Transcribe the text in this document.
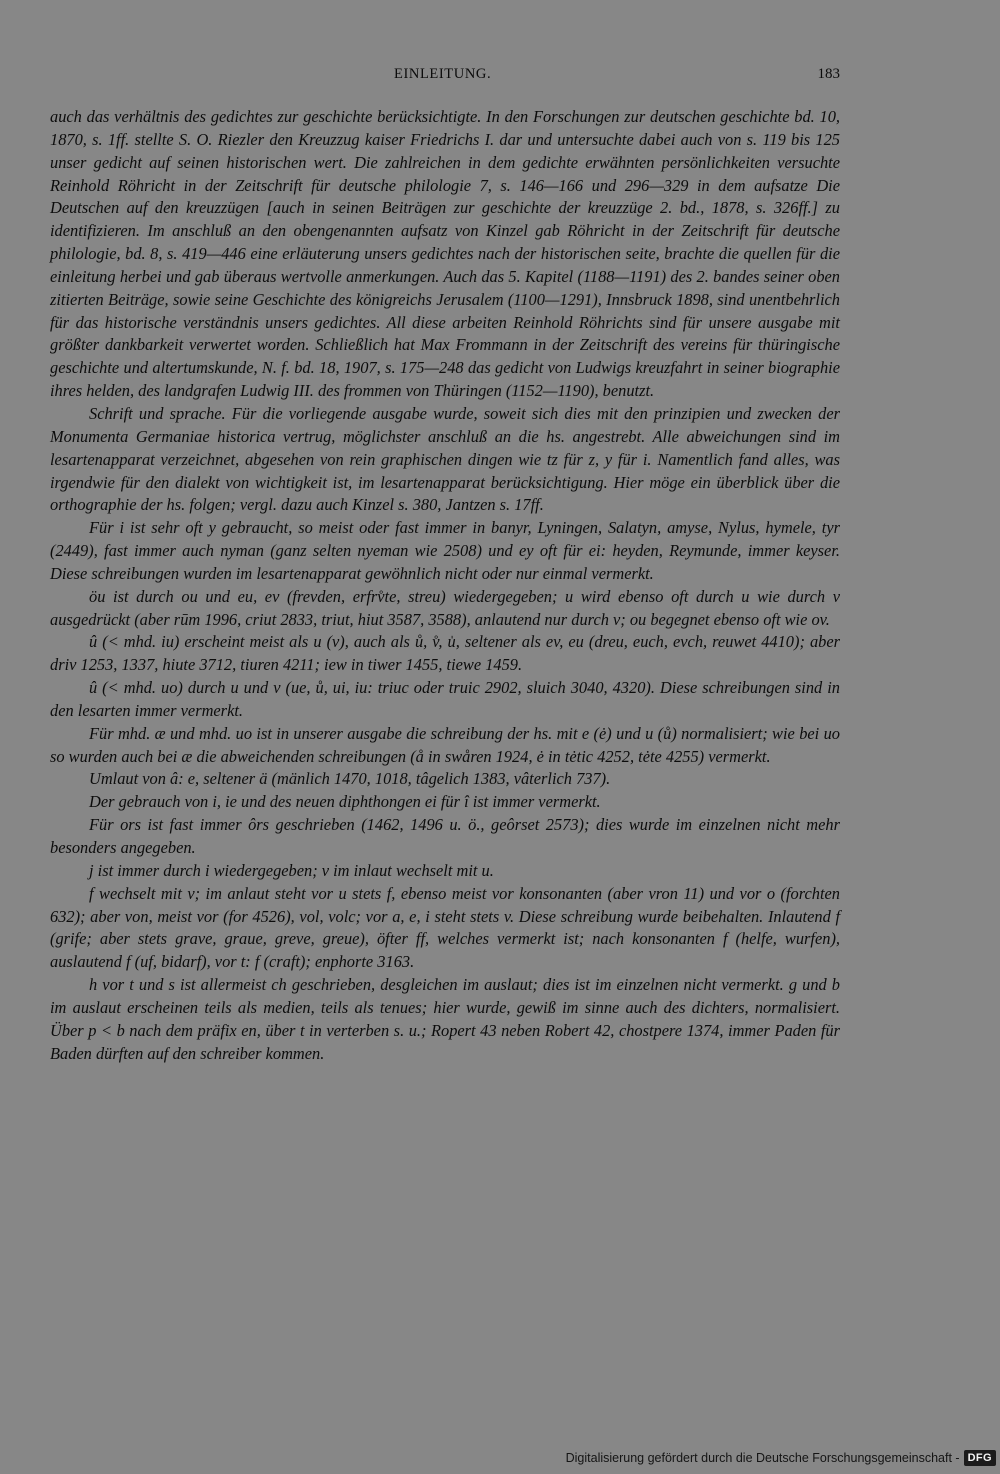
EINLEITUNG.	183

auch das verhältnis des gedichtes zur geschichte berücksichtigte. In den Forschungen zur deutschen geschichte bd. 10, 1870, s. 1ff. stellte S. O. Riezler den Kreuzzug kaiser Friedrichs I. dar und untersuchte dabei auch von s. 119 bis 125 unser gedicht auf seinen historischen wert. Die zahlreichen in dem gedichte erwähnten persönlichkeiten versuchte Reinhold Röhricht in der Zeitschrift für deutsche philologie 7, s. 146—166 und 296—329 in dem aufsatze Die Deutschen auf den kreuzzügen [auch in seinen Beiträgen zur geschichte der kreuzzüge 2. bd., 1878, s. 326ff.] zu identifizieren. Im anschluß an den obengenannten aufsatz von Kinzel gab Röhricht in der Zeitschrift für deutsche philologie, bd. 8, s. 419—446 eine erläuterung unsers gedichtes nach der historischen seite, brachte die quellen für die einleitung herbei und gab überaus wertvolle anmerkungen. Auch das 5. Kapitel (1188—1191) des 2. bandes seiner oben zitierten Beiträge, sowie seine Geschichte des königreichs Jerusalem (1100—1291), Innsbruck 1898, sind unentbehrlich für das historische verständnis unsers gedichtes. All diese arbeiten Reinhold Röhrichts sind für unsere ausgabe mit größter dankbarkeit verwertet worden. Schließlich hat Max Frommann in der Zeitschrift des vereins für thüringische geschichte und altertumskunde, N. f. bd. 18, 1907, s. 175—248 das gedicht von Ludwigs kreuzfahrt in seiner biographie ihres helden, des landgrafen Ludwig III. des frommen von Thüringen (1152—1190), benutzt.

Schrift und sprache. Für die vorliegende ausgabe wurde, soweit sich dies mit den prinzipien und zwecken der Monumenta Germaniae historica vertrug, möglichster anschluß an die hs. angestrebt. Alle abweichungen sind im lesartenapparat verzeichnet, abgesehen von rein graphischen dingen wie tz für z, y für i. Namentlich fand alles, was irgendwie für den dialekt von wichtigkeit ist, im lesartenapparat berücksichtigung. Hier möge ein überblick über die orthographie der hs. folgen; vergl. dazu auch Kinzel s. 380, Jantzen s. 17ff.

Für i ist sehr oft y gebraucht, so meist oder fast immer in banyr, Lyningen, Salatyn, amyse, Nylus, hymele, tyr (2449), fast immer auch nyman (ganz selten nyeman wie 2508) und ey oft für ei: heyden, Reymunde, immer keyser. Diese schreibungen wurden im lesartenapparat gewöhnlich nicht oder nur einmal vermerkt.

öu ist durch ou und eu, ev (frevden, erfrv̊te, streu) wiedergegeben; u wird ebenso oft durch u wie durch v ausgedrückt (aber rūm 1996, criut 2833, triut, hiut 3587, 3588), anlautend nur durch v; ou begegnet ebenso oft wie ov.

û (< mhd. iu) erscheint meist als u (v), auch als ů, v̊, u̍, seltener als ev, eu (dreu, euch, evch, reuwet 4410); aber driv 1253, 1337, hiute 3712, tiuren 4211; iew in tiwer 1455, tiewe 1459.

û (< mhd. uo) durch u und v (ue, ů, ui, iu: triuc oder truic 2902, sluich 3040, 4320). Diese schreibungen sind in den lesarten immer vermerkt.

Für mhd. æ und mhd. uo ist in unserer ausgabe die schreibung der hs. mit e (ė) und u (ů) normalisiert; wie bei uo so wurden auch bei æ die abweichenden schreibungen (å in swåren 1924, ė in tėtic 4252, tėte 4255) vermerkt.

Umlaut von â: e, seltener ä (mänlich 1470, 1018, tâgelich 1383, vâterlich 737).

Der gebrauch von i, ie und des neuen diphthongen ei für î ist immer vermerkt.

Für ors ist fast immer ôrs geschrieben (1462, 1496 u. ö., geôrset 2573); dies wurde im einzelnen nicht mehr besonders angegeben.

j ist immer durch i wiedergegeben; v im inlaut wechselt mit u.

f wechselt mit v; im anlaut steht vor u stets f, ebenso meist vor konsonanten (aber vron 11) und vor o (forchten 632); aber von, meist vor (for 4526), vol, volc; vor a, e, i steht stets v. Diese schreibung wurde beibehalten. Inlautend f (grife; aber stets grave, graue, greve, greue), öfter ff, welches vermerkt ist; nach konsonanten f (helfe, wurfen), auslautend f (uf, bidarf), vor t: f (craft); enphorte 3163.

h vor t und s ist allermeist ch geschrieben, desgleichen im auslaut; dies ist im einzelnen nicht vermerkt. g und b im auslaut erscheinen teils als medien, teils als tenues; hier wurde, gewiß im sinne auch des dichters, normalisiert. Über p < b nach dem präfix en, über t in verterben s. u.; Ropert 43 neben Robert 42, chostpere 1374, immer Paden für Baden dürften auf den schreiber kommen.

Digitalisierung gefördert durch die Deutsche Forschungsgemeinschaft - DFG
